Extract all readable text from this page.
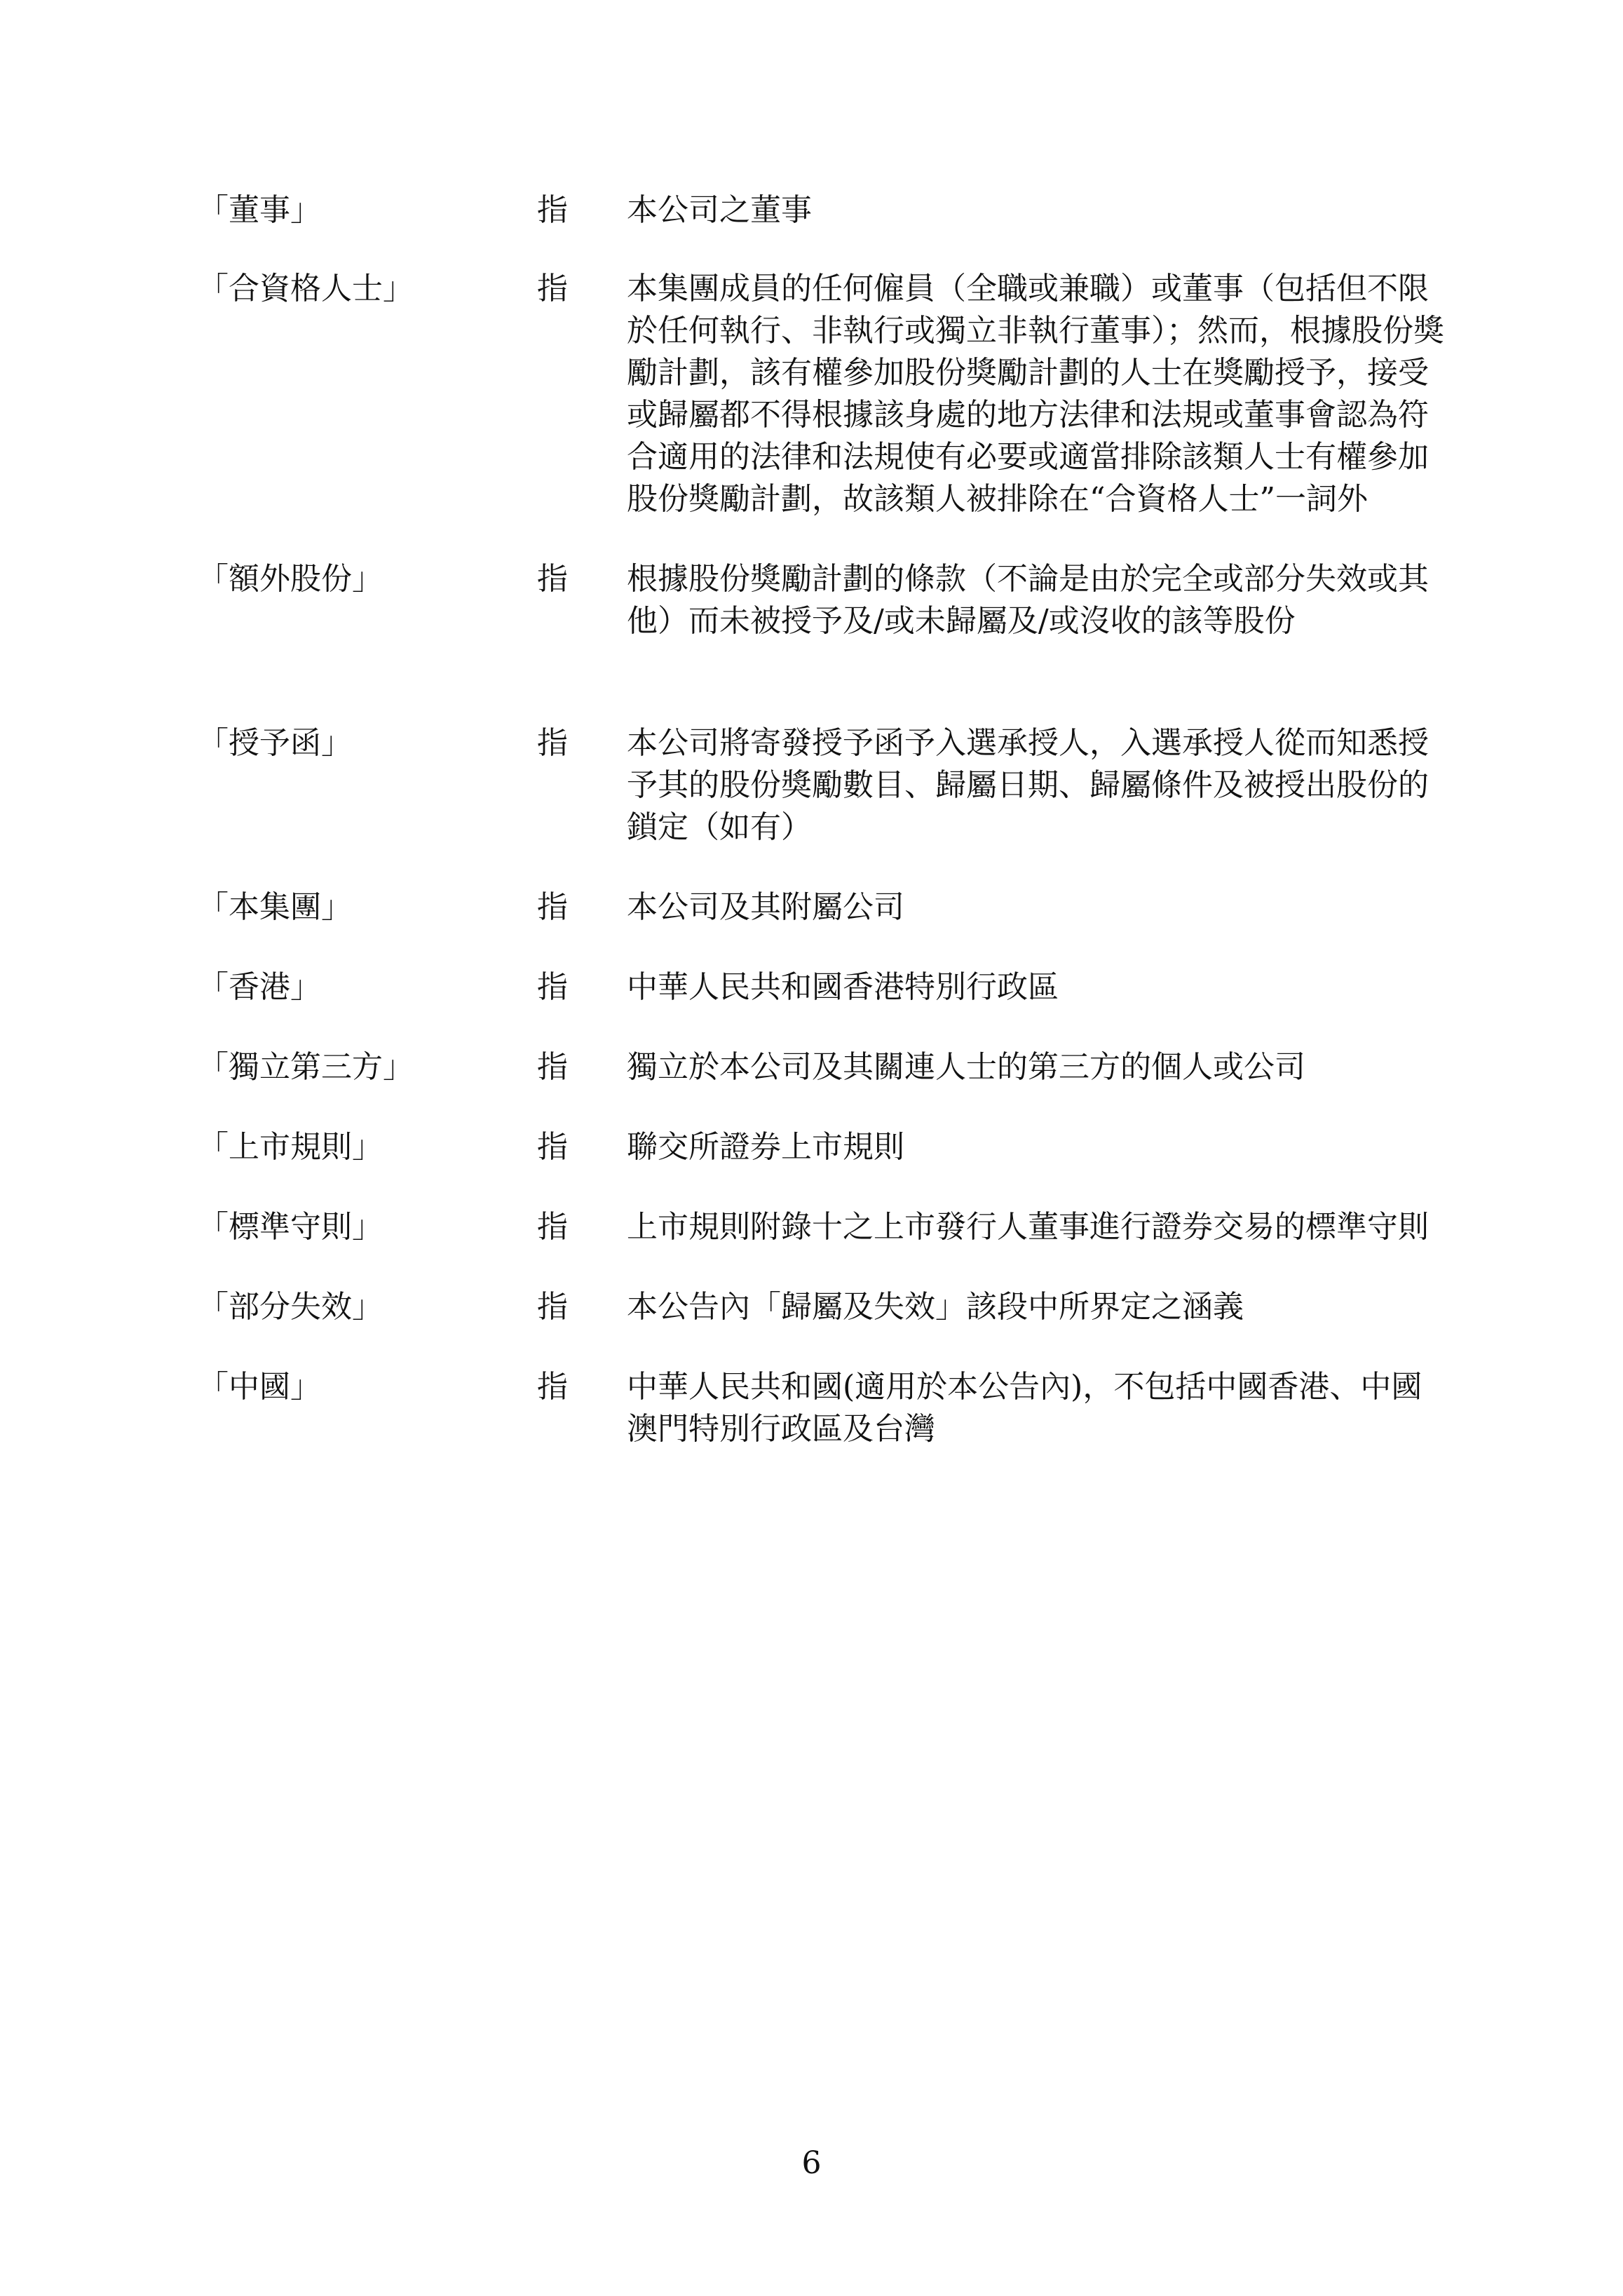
「董事」	指	本公司之董事
「合資格人士」	指	本集團成員的任何僱員（全職或兼職）或董事（包括但不限於任何執行、非執行或獨立非執行董事）；然而，根據股份獎勵計劃，該有權參加股份獎勵計劃的人士在獎勵授予，接受或歸屬都不得根據該身處的地方法律和法規或董事會認為符合適用的法律和法規使有必要或適當排除該類人士有權參加股份獎勵計劃，故該類人被排除在“合資格人士”一詞外
「額外股份」	指	根據股份獎勵計劃的條款（不論是由於完全或部分失效或其他）而未被授予及/或未歸屬及/或沒收的該等股份
「授予函」	指	本公司將寄發授予函予入選承授人，入選承授人從而知悉授予其的股份獎勵數目、歸屬日期、歸屬條件及被授出股份的鎖定（如有）
「本集團」	指	本公司及其附屬公司
「香港」	指	中華人民共和國香港特別行政區
「獨立第三方」	指	獨立於本公司及其關連人士的第三方的個人或公司
「上市規則」	指	聯交所證券上市規則
「標準守則」	指	上市規則附錄十之上市發行人董事進行證券交易的標準守則
「部分失效」	指	本公告內「歸屬及失效」該段中所界定之涵義
「中國」	指	中華人民共和國(適用於本公告內)，不包括中國香港、中國澳門特別行政區及台灣
6
